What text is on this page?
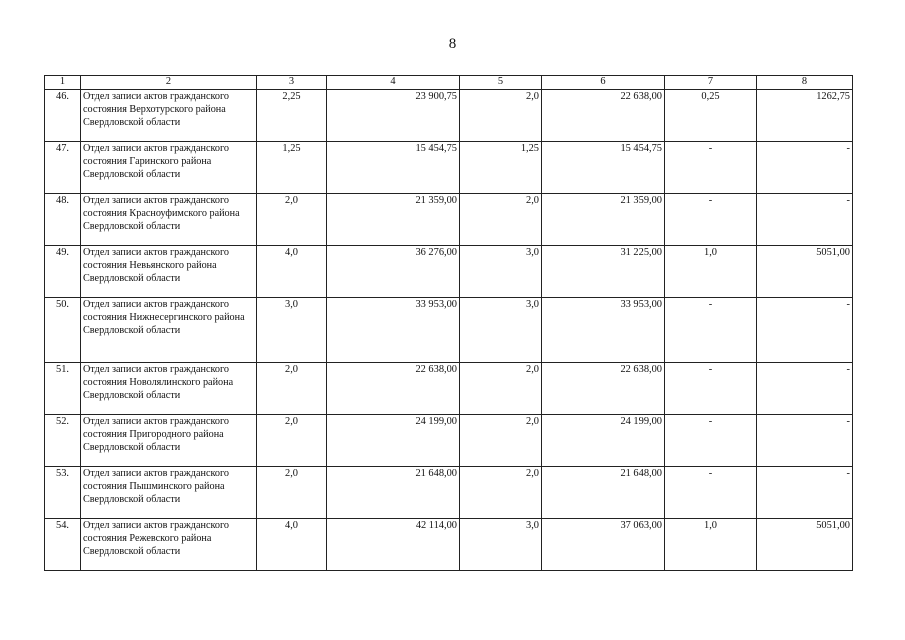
8
1	2	3	4	5	6	7	8
46.	Отдел записи актов гражданского состояния Верхотурского района Свердловской области	2,25	23 900,75	2,0	22 638,00	0,25	1262,75
47.	Отдел записи актов гражданского состояния Гаринского района Свердловской области	1,25	15 454,75	1,25	15 454,75	-	-
48.	Отдел записи актов гражданского состояния Красноуфимского района Свердловской области	2,0	21 359,00	2,0	21 359,00	-	-
49.	Отдел записи актов гражданского состояния Невьянского района Свердловской области	4,0	36 276,00	3,0	31 225,00	1,0	5051,00
50.	Отдел записи актов гражданского состояния Нижнесергинского района Свердловской области	3,0	33 953,00	3,0	33 953,00	-	-
51.	Отдел записи актов гражданского состояния Новолялинского района Свердловской области	2,0	22 638,00	2,0	22 638,00	-	-
52.	Отдел записи актов гражданского состояния Пригородного района Свердловской области	2,0	24 199,00	2,0	24 199,00	-	-
53.	Отдел записи актов гражданского состояния Пышминского района Свердловской области	2,0	21 648,00	2,0	21 648,00	-	-
54.	Отдел записи актов гражданского состояния Режевского района Свердловской области	4,0	42 114,00	3,0	37 063,00	1,0	5051,00
